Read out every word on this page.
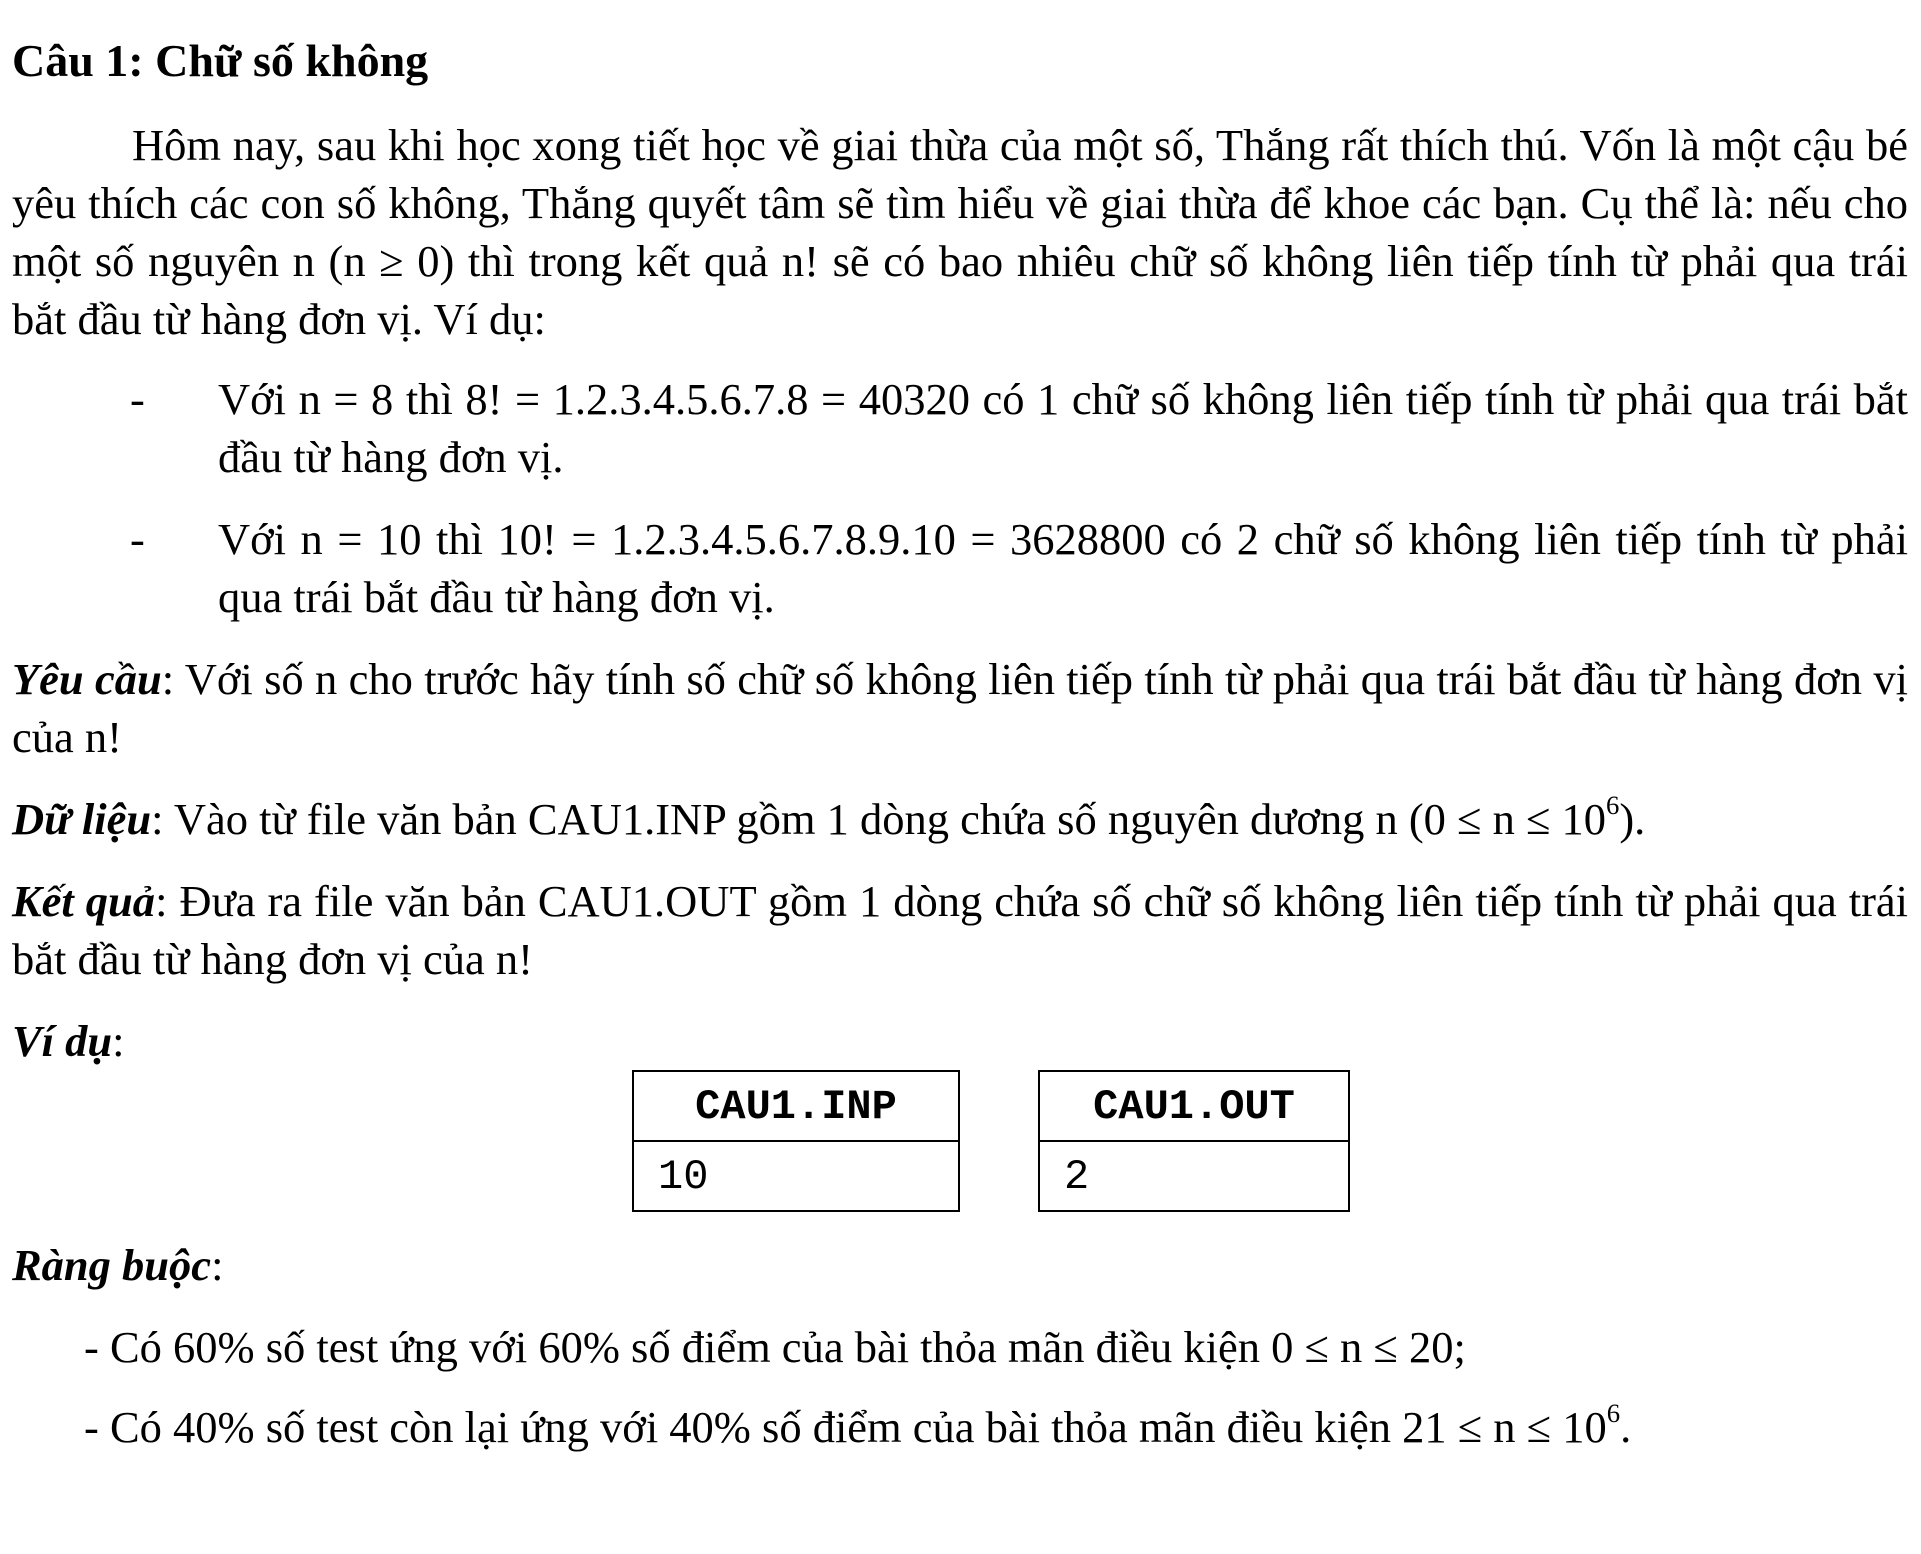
Câu 1: Chữ số không
Hôm nay, sau khi học xong tiết học về giai thừa của một số, Thắng rất thích thú. Vốn là một cậu bé yêu thích các con số không, Thắng quyết tâm sẽ tìm hiểu về giai thừa để khoe các bạn. Cụ thể là: nếu cho một số nguyên n (n ≥ 0) thì trong kết quả n! sẽ có bao nhiêu chữ số không liên tiếp tính từ phải qua trái bắt đầu từ hàng đơn vị. Ví dụ:
- Với n = 8 thì 8! = 1.2.3.4.5.6.7.8 = 40320 có 1 chữ số không liên tiếp tính từ phải qua trái bắt đầu từ hàng đơn vị.
- Với n = 10 thì 10! = 1.2.3.4.5.6.7.8.9.10 = 3628800 có 2 chữ số không liên tiếp tính từ phải qua trái bắt đầu từ hàng đơn vị.
Yêu cầu: Với số n cho trước hãy tính số chữ số không liên tiếp tính từ phải qua trái bắt đầu từ hàng đơn vị của n!
Dữ liệu: Vào từ file văn bản CAU1.INP gồm 1 dòng chứa số nguyên dương n $(0 \le n \le 10^6)$.
Kết quả: Đưa ra file văn bản CAU1.OUT gồm 1 dòng chứa số chữ số không liên tiếp tính từ phải qua trái bắt đầu từ hàng đơn vị của n!
Ví dụ:
CAU1.INP
10
CAU1.OUT
2
Ràng buộc:
- Có 60% số test ứng với 60% số điểm của bài thỏa mãn điều kiện 0 ≤ n ≤ 20;
- Có 40% số test còn lại ứng với 40% số điểm của bài thỏa mãn điều kiện $21 \le n \le 10^6$.
